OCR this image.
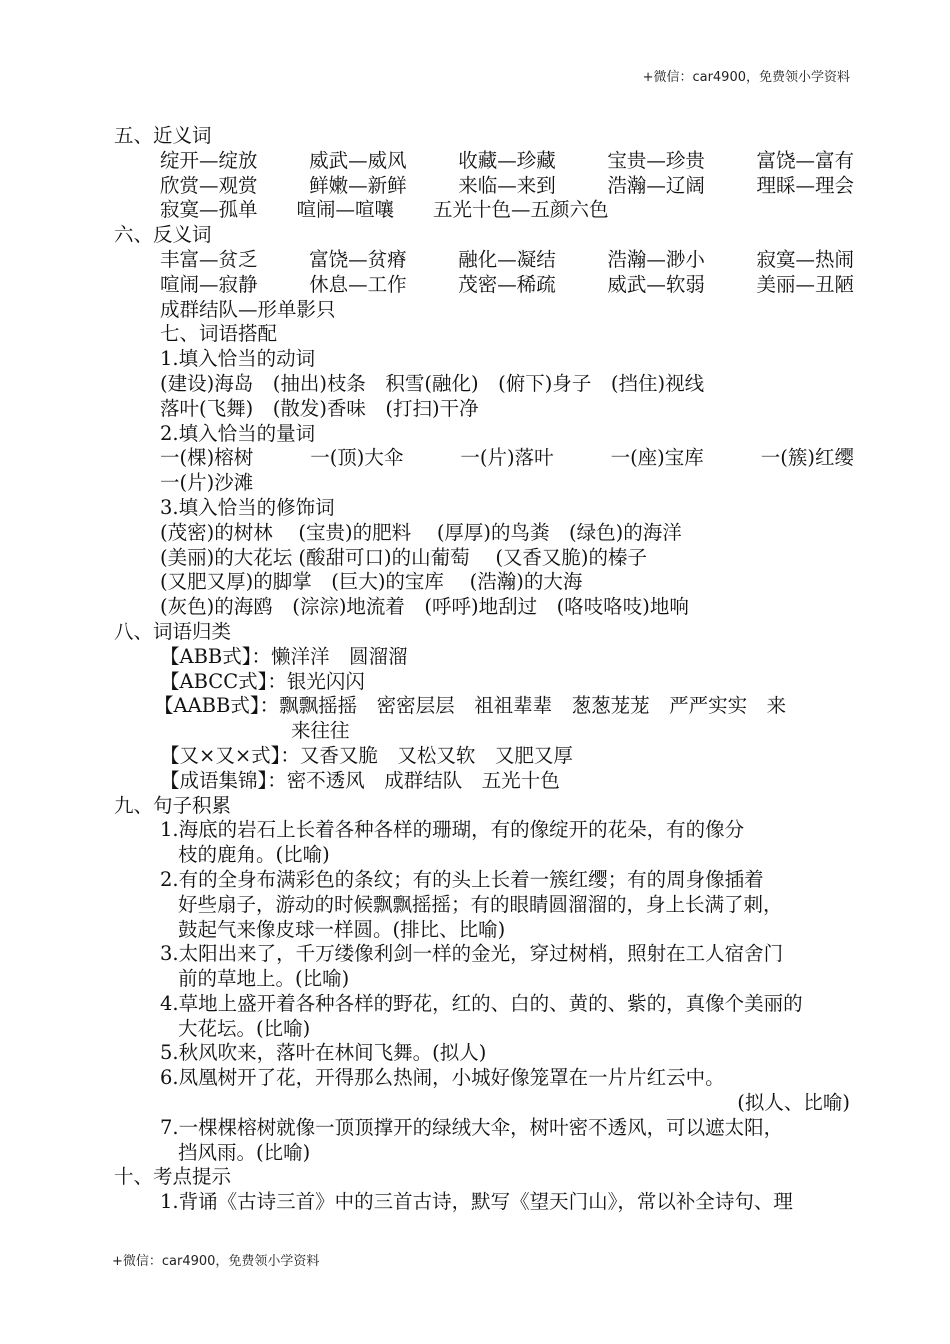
+微信：car4900，免费领小学资料
五、近义词
绽开—绽放	威武—威风	收藏—珍藏	宝贵—珍贵	富饶—富有
欣赏—观赏	鲜嫩—新鲜	来临—来到	浩瀚—辽阔	理睬—理会
寂寞—孤单　　喧闹—喧嚷　　五光十色—五颜六色
六、反义词
丰富—贫乏	富饶—贫瘠	融化—凝结	浩瀚—渺小	寂寞—热闹
喧闹—寂静	休息—工作	茂密—稀疏	威武—软弱	美丽—丑陋
成群结队—形单影只
七、词语搭配
1.填入恰当的动词
(建设)海岛　(抽出)枝条　积雪(融化)　(俯下)身子　(挡住)视线
落叶(飞舞)　(散发)香味　(打扫)干净
2.填入恰当的量词
一(棵)榕树	一(顶)大伞	一(片)落叶	一(座)宝库	一(簇)红缨
一(片)沙滩
3.填入恰当的修饰词
(茂密)的树林　 (宝贵)的肥料　 (厚厚)的鸟粪　(绿色)的海洋
(美丽)的大花坛 (酸甜可口)的山葡萄　 (又香又脆)的榛子
(又肥又厚)的脚掌　(巨大)的宝库　 (浩瀚)的大海
(灰色)的海鸥　(淙淙)地流着　(呼呼)地刮过　(咯吱咯吱)地响
八、词语归类
【ABB式】：懒洋洋　圆溜溜
【ABCC式】：银光闪闪
【AABB式】：飘飘摇摇　密密层层　祖祖辈辈　葱葱茏茏　严严实实　来
来往往
【又×又×式】：又香又脆　又松又软　又肥又厚
【成语集锦】：密不透风　成群结队　五光十色
九、句子积累
1.海底的岩石上长着各种各样的珊瑚，有的像绽开的花朵，有的像分
枝的鹿角。(比喻)
2.有的全身布满彩色的条纹；有的头上长着一簇红缨；有的周身像插着
好些扇子，游动的时候飘飘摇摇；有的眼睛圆溜溜的，身上长满了刺，
鼓起气来像皮球一样圆。(排比、比喻)
3.太阳出来了，千万缕像利剑一样的金光，穿过树梢，照射在工人宿舍门
前的草地上。(比喻)
4.草地上盛开着各种各样的野花，红的、白的、黄的、紫的，真像个美丽的
大花坛。(比喻)
5.秋风吹来，落叶在林间飞舞。(拟人)
6.凤凰树开了花，开得那么热闹，小城好像笼罩在一片片红云中。
(拟人、比喻)
7.一棵棵榕树就像一顶顶撑开的绿绒大伞，树叶密不透风，可以遮太阳，
挡风雨。(比喻)
十、考点提示
1.背诵《古诗三首》中的三首古诗，默写《望天门山》，常以补全诗句、理
+微信：car4900，免费领小学资料
